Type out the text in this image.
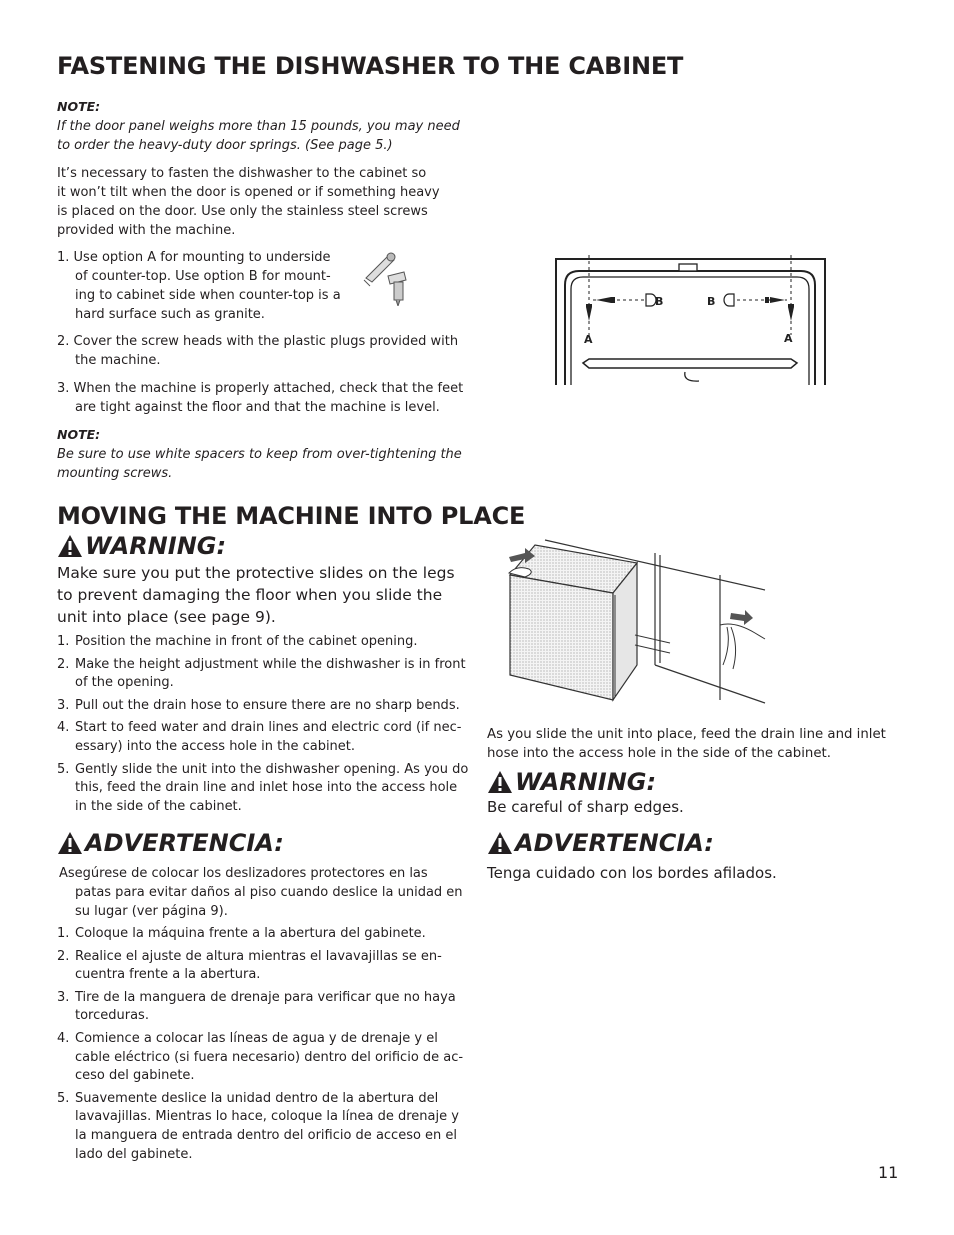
FASTENING THE DISHWASHER TO THE CABINET
NOTE:
If the door panel weighs more than 15 pounds, you may need
to order the heavy-duty door springs. (See page 5.)
It’s necessary to fasten the dishwasher to the cabinet so
it won’t tilt when the door is opened or if something heavy
is placed on the door. Use only the stainless steel screws
provided with the machine.
1. Use option A for mounting to underside
of counter-top. Use option B for mount-
ing to cabinet side when counter-top is a
hard surface such as granite.
2. Cover the screw heads with the plastic plugs provided with
the machine.
3. When the machine is properly attached, check that the feet
are tight against the floor and that the machine is level.
NOTE:
Be sure to use white spacers to keep from over-tightening the
mounting screws.
B	B
A	A
MOVING THE MACHINE INTO PLACE
WARNING:
Make sure you put the protective slides on the legs
to prevent damaging the floor when you slide the
unit into place (see page 9).
1. Position the machine in front of the cabinet opening.
2. Make the height adjustment while the dishwasher is in front
of the opening.
3. Pull out the drain hose to ensure there are no sharp bends.
4. Start to feed water and drain lines and electric cord (if nec-
essary) into the access hole in the cabinet.
5. Gently slide the unit into the dishwasher opening. As you do
this, feed the drain line and inlet hose into the access hole
in the side of the cabinet.
ADVERTENCIA:
Asegúrese de colocar los deslizadores protectores en las
patas para evitar daños al piso cuando deslice la unidad en
su lugar (ver página 9).
1. Coloque la máquina frente a la abertura del gabinete.
2. Realice el ajuste de altura mientras el lavavajillas se en-
cuentra frente a la abertura.
3. Tire de la manguera de drenaje para verificar que no haya
torceduras.
4. Comience a colocar las líneas de agua y de drenaje y el
cable eléctrico (si fuera necesario) dentro del orificio de ac-
ceso del gabinete.
5. Suavemente deslice la unidad dentro de la abertura del
lavavajillas. Mientras lo hace, coloque la línea de drenaje y
la manguera de entrada dentro del orificio de acceso en el
lado del gabinete.
As you slide the unit into place, feed the drain line and inlet
hose into the access hole in the side of the cabinet.
WARNING:
Be careful of sharp edges.
ADVERTENCIA:
Tenga cuidado con los bordes afilados.
11
